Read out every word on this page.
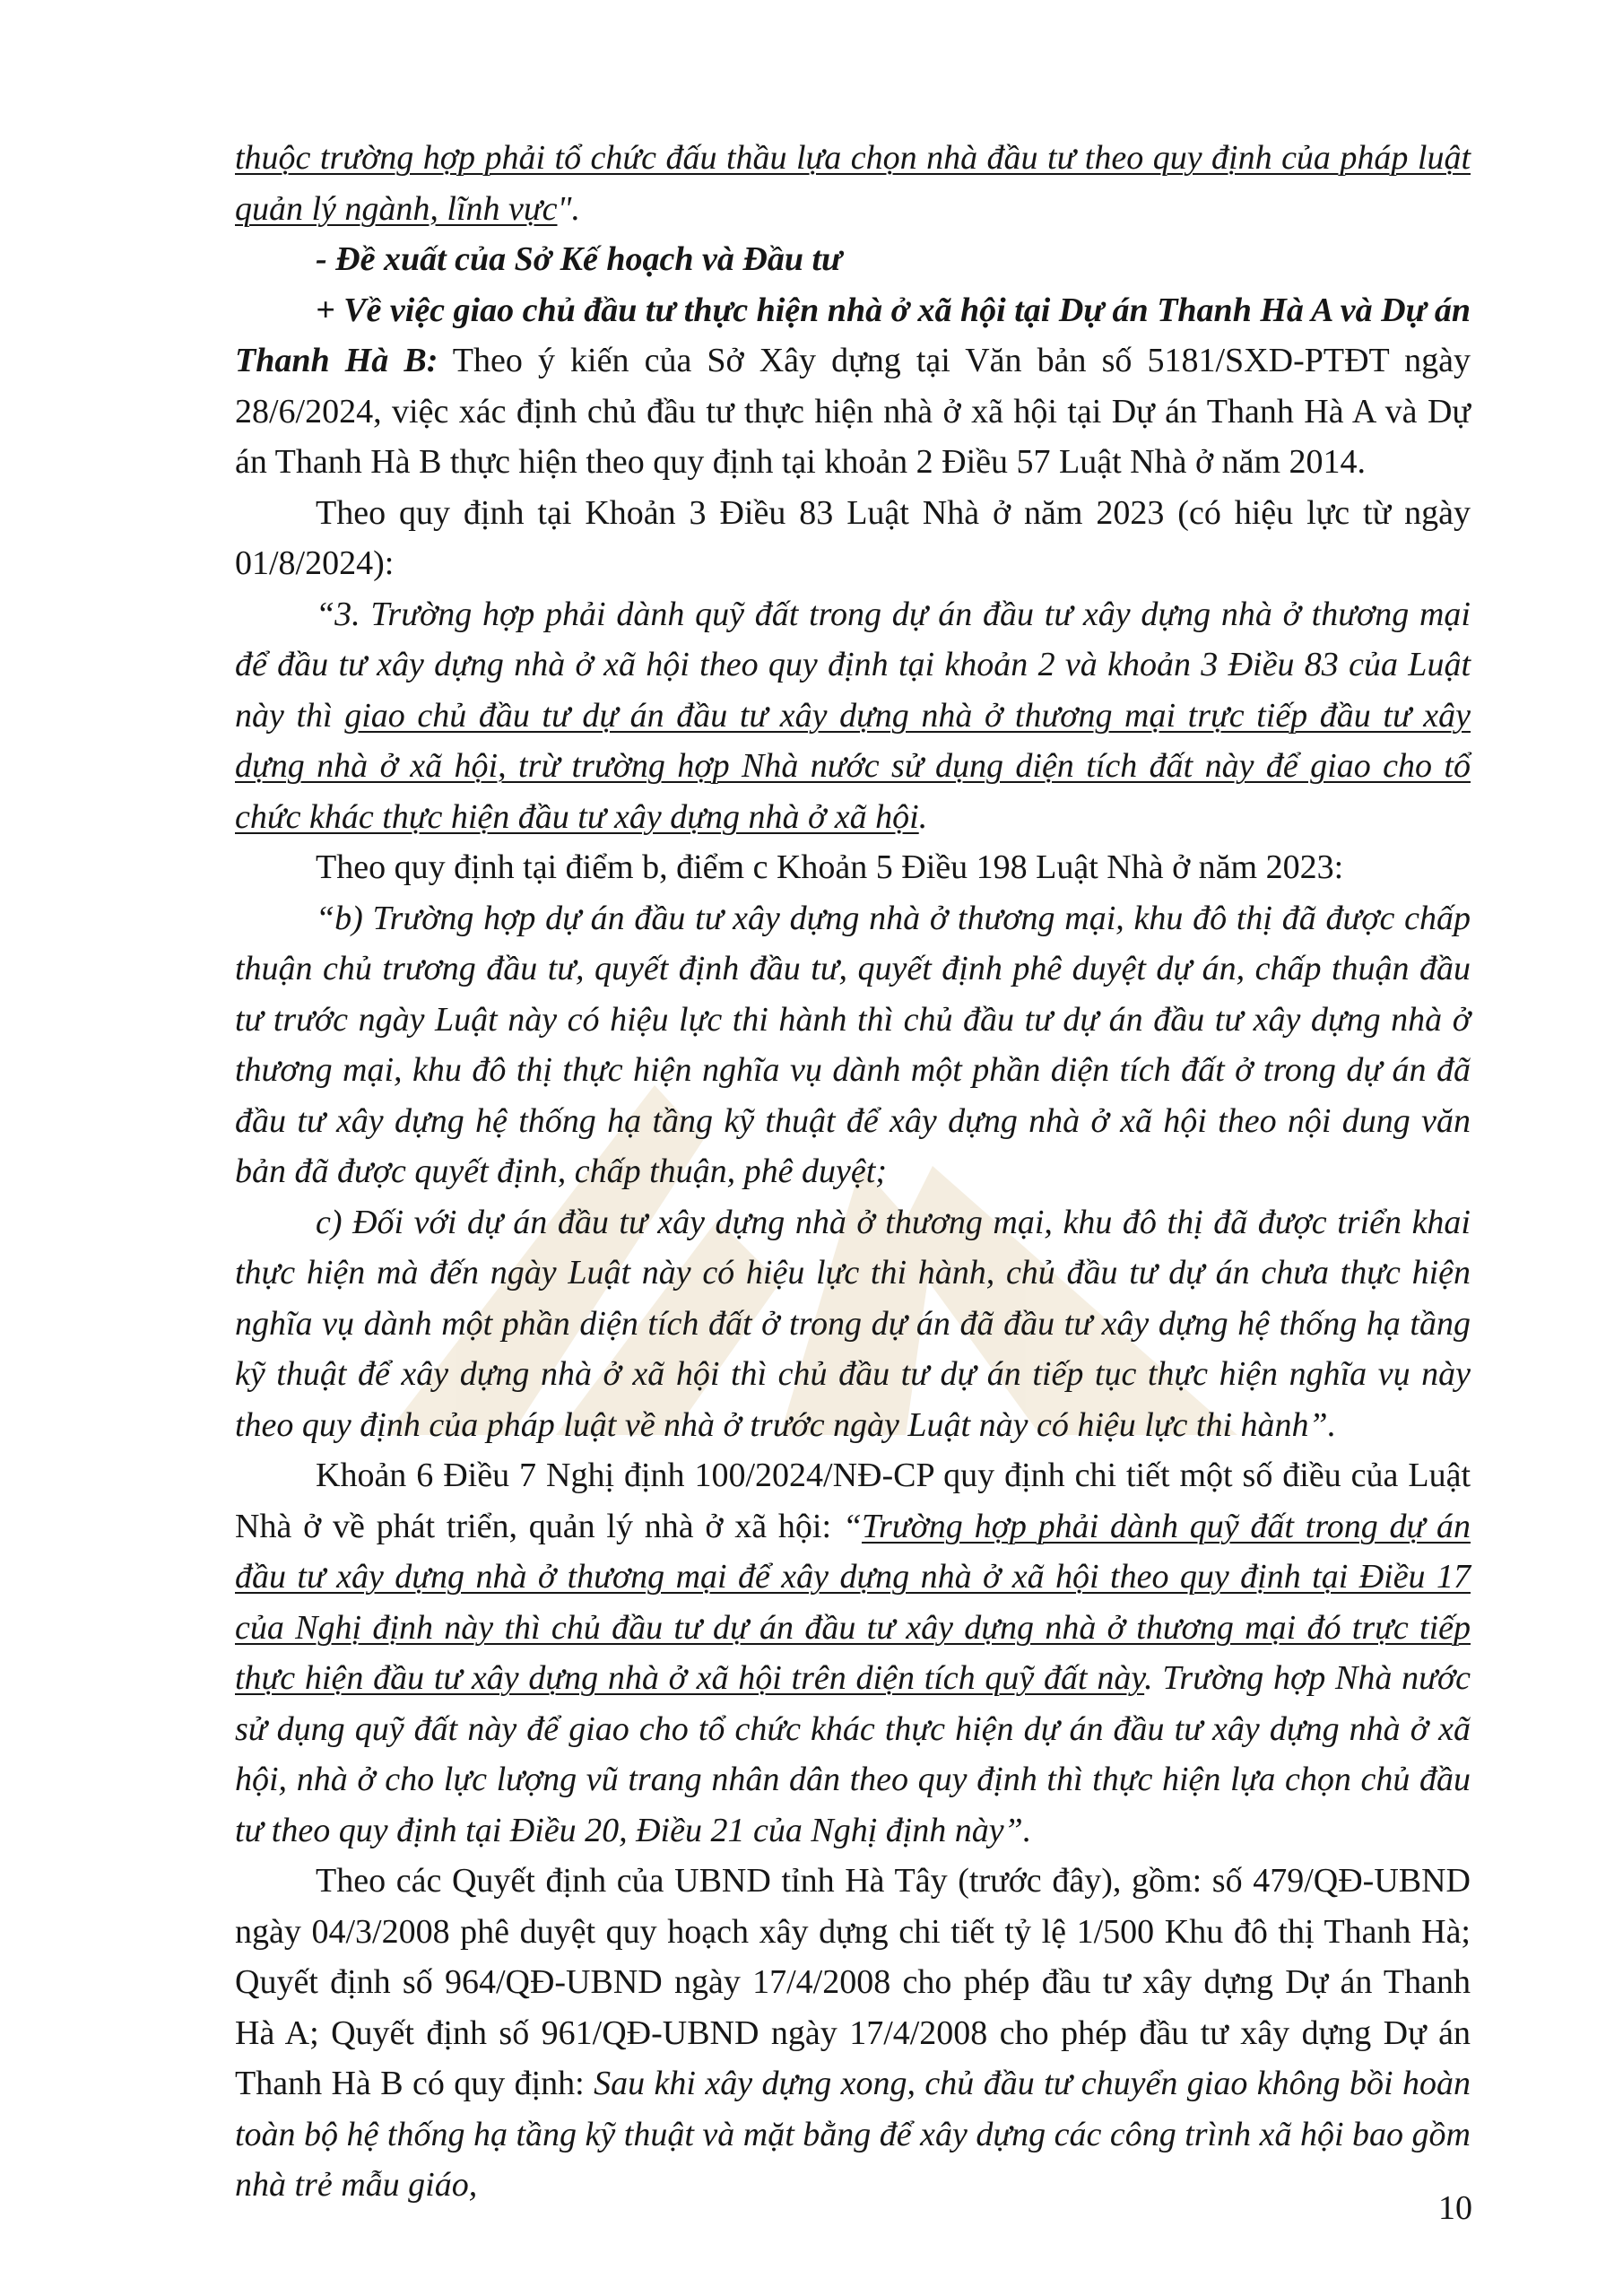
thuộc trường hợp phải tổ chức đấu thầu lựa chọn nhà đầu tư theo quy định của pháp luật quản lý ngành, lĩnh vực".

- Đề xuất của Sở Kế hoạch và Đầu tư

+ Về việc giao chủ đầu tư thực hiện nhà ở xã hội tại Dự án Thanh Hà A và Dự án Thanh Hà B: Theo ý kiến của Sở Xây dựng tại Văn bản số 5181/SXD-PTĐT ngày 28/6/2024, việc xác định chủ đầu tư thực hiện nhà ở xã hội tại Dự án Thanh Hà A và Dự án Thanh Hà B thực hiện theo quy định tại khoản 2 Điều 57 Luật Nhà ở năm 2014.

Theo quy định tại Khoản 3 Điều 83 Luật Nhà ở năm 2023 (có hiệu lực từ ngày 01/8/2024):

“3. Trường hợp phải dành quỹ đất trong dự án đầu tư xây dựng nhà ở thương mại để đầu tư xây dựng nhà ở xã hội theo quy định tại khoản 2 và khoản 3 Điều 83 của Luật này thì giao chủ đầu tư dự án đầu tư xây dựng nhà ở thương mại trực tiếp đầu tư xây dựng nhà ở xã hội, trừ trường hợp Nhà nước sử dụng diện tích đất này để giao cho tổ chức khác thực hiện đầu tư xây dựng nhà ở xã hội.

Theo quy định tại điểm b, điểm c Khoản 5 Điều 198 Luật Nhà ở năm 2023:

“b) Trường hợp dự án đầu tư xây dựng nhà ở thương mại, khu đô thị đã được chấp thuận chủ trương đầu tư, quyết định đầu tư, quyết định phê duyệt dự án, chấp thuận đầu tư trước ngày Luật này có hiệu lực thi hành thì chủ đầu tư dự án đầu tư xây dựng nhà ở thương mại, khu đô thị thực hiện nghĩa vụ dành một phần diện tích đất ở trong dự án đã đầu tư xây dựng hệ thống hạ tầng kỹ thuật để xây dựng nhà ở xã hội theo nội dung văn bản đã được quyết định, chấp thuận, phê duyệt;

c) Đối với dự án đầu tư xây dựng nhà ở thương mại, khu đô thị đã được triển khai thực hiện mà đến ngày Luật này có hiệu lực thi hành, chủ đầu tư dự án chưa thực hiện nghĩa vụ dành một phần diện tích đất ở trong dự án đã đầu tư xây dựng hệ thống hạ tầng kỹ thuật để xây dựng nhà ở xã hội thì chủ đầu tư dự án tiếp tục thực hiện nghĩa vụ này theo quy định của pháp luật về nhà ở trước ngày Luật này có hiệu lực thi hành”.

Khoản 6 Điều 7 Nghị định 100/2024/NĐ-CP quy định chi tiết một số điều của Luật Nhà ở về phát triển, quản lý nhà ở xã hội: “Trường hợp phải dành quỹ đất trong dự án đầu tư xây dựng nhà ở thương mại để xây dựng nhà ở xã hội theo quy định tại Điều 17 của Nghị định này thì chủ đầu tư dự án đầu tư xây dựng nhà ở thương mại đó trực tiếp thực hiện đầu tư xây dựng nhà ở xã hội trên diện tích quỹ đất này. Trường hợp Nhà nước sử dụng quỹ đất này để giao cho tổ chức khác thực hiện dự án đầu tư xây dựng nhà ở xã hội, nhà ở cho lực lượng vũ trang nhân dân theo quy định thì thực hiện lựa chọn chủ đầu tư theo quy định tại Điều 20, Điều 21 của Nghị định này”.

Theo các Quyết định của UBND tỉnh Hà Tây (trước đây), gồm: số 479/QĐ-UBND ngày 04/3/2008 phê duyệt quy hoạch xây dựng chi tiết tỷ lệ 1/500 Khu đô thị Thanh Hà; Quyết định số 964/QĐ-UBND ngày 17/4/2008 cho phép đầu tư xây dựng Dự án Thanh Hà A; Quyết định số 961/QĐ-UBND ngày 17/4/2008 cho phép đầu tư xây dựng Dự án Thanh Hà B có quy định: Sau khi xây dựng xong, chủ đầu tư chuyển giao không bồi hoàn toàn bộ hệ thống hạ tầng kỹ thuật và mặt bằng để xây dựng các công trình xã hội bao gồm nhà trẻ mẫu giáo,

10
